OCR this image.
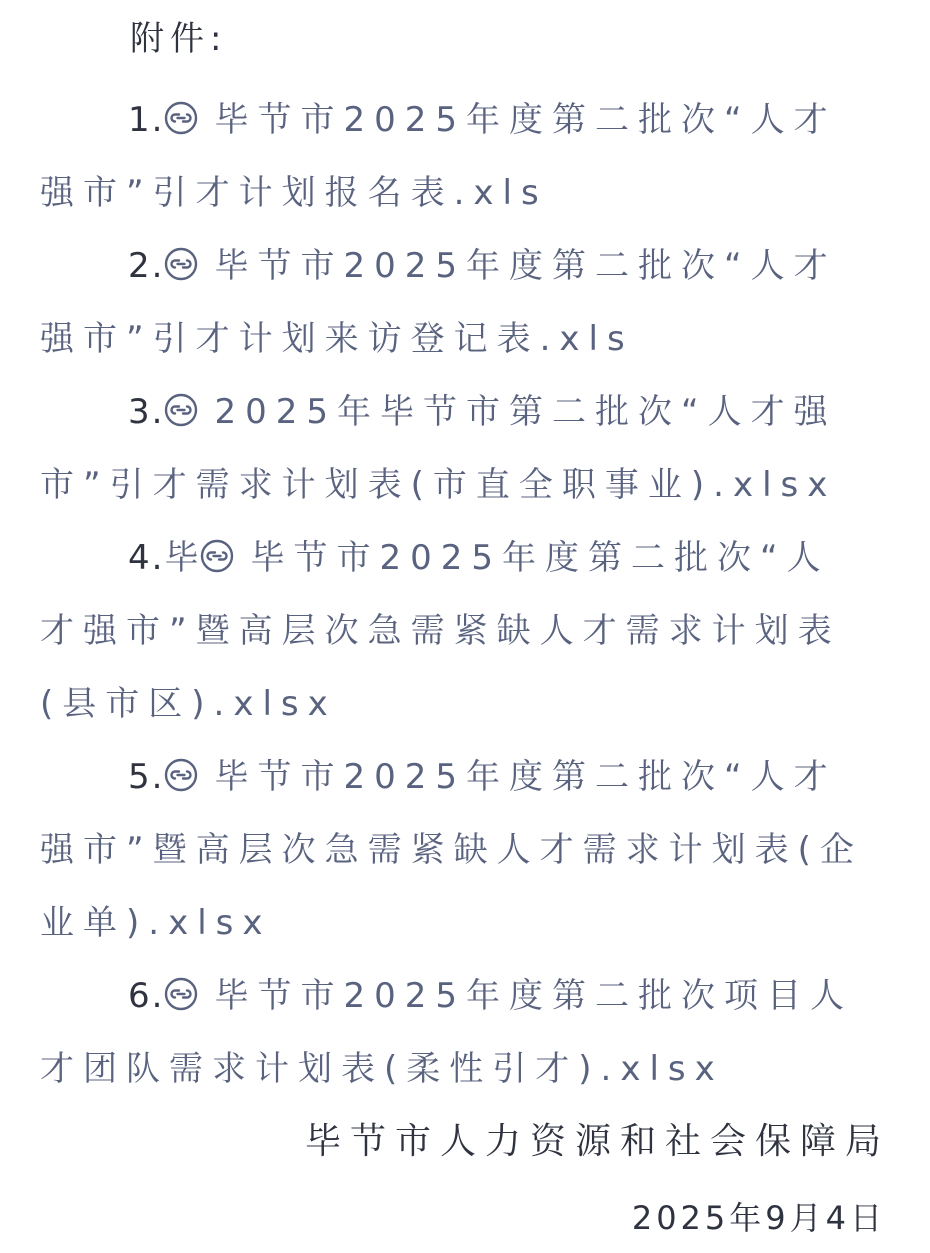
附件:
1. 毕节市2025年度第二批次“人才强市”引才计划报名表.xls
2. 毕节市2025年度第二批次“人才强市”引才计划来访登记表.xls
3. 2025年毕节市第二批次“人才强市”引才需求计划表(市直全职事业).xlsx
4.毕 毕节市2025年度第二批次“人才强市”暨高层次急需紧缺人才需求计划表(县市区).xlsx
5. 毕节市2025年度第二批次“人才强市”暨高层次急需紧缺人才需求计划表(企业单).xlsx
6. 毕节市2025年度第二批次项目人才团队需求计划表(柔性引才).xlsx
毕节市人力资源和社会保障局
2025年9月4日
